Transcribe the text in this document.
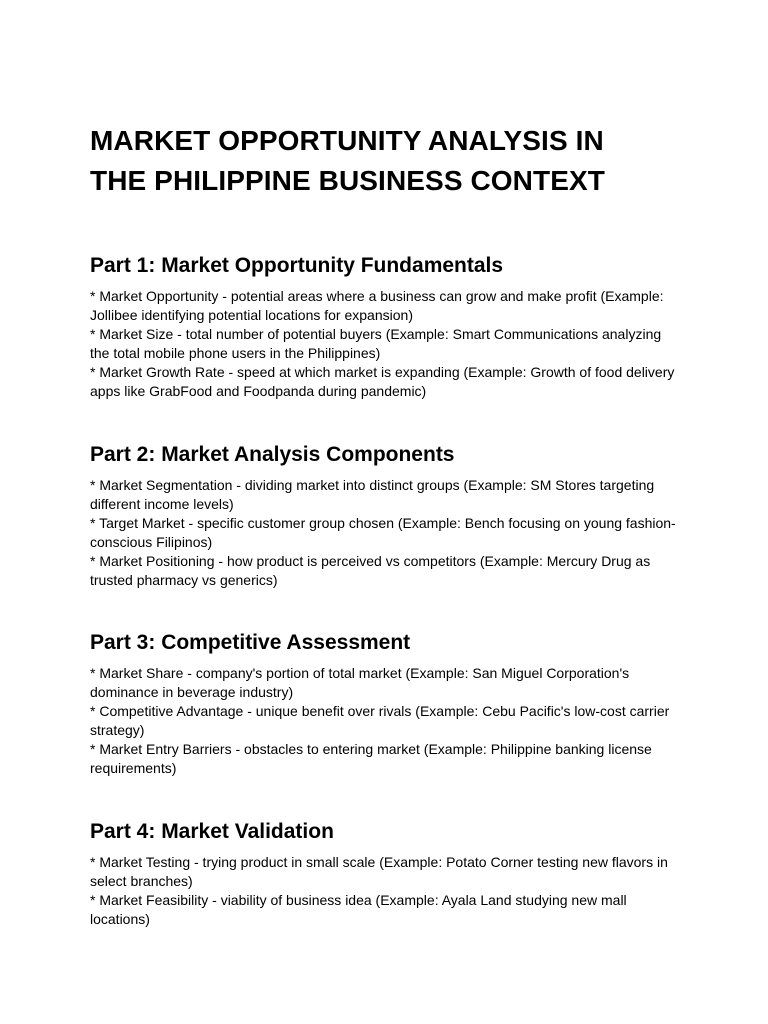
MARKET OPPORTUNITY ANALYSIS IN
THE PHILIPPINE BUSINESS CONTEXT
Part 1: Market Opportunity Fundamentals
* Market Opportunity - potential areas where a business can grow and make profit (Example: Jollibee identifying potential locations for expansion)
* Market Size - total number of potential buyers (Example: Smart Communications analyzing the total mobile phone users in the Philippines)
* Market Growth Rate - speed at which market is expanding (Example: Growth of food delivery apps like GrabFood and Foodpanda during pandemic)
Part 2: Market Analysis Components
* Market Segmentation - dividing market into distinct groups (Example: SM Stores targeting different income levels)
* Target Market - specific customer group chosen (Example: Bench focusing on young fashion-conscious Filipinos)
* Market Positioning - how product is perceived vs competitors (Example: Mercury Drug as trusted pharmacy vs generics)
Part 3: Competitive Assessment
* Market Share - company's portion of total market (Example: San Miguel Corporation's dominance in beverage industry)
* Competitive Advantage - unique benefit over rivals (Example: Cebu Pacific's low-cost carrier strategy)
* Market Entry Barriers - obstacles to entering market (Example: Philippine banking license requirements)
Part 4: Market Validation
* Market Testing - trying product in small scale (Example: Potato Corner testing new flavors in select branches)
* Market Feasibility - viability of business idea (Example: Ayala Land studying new mall locations)
